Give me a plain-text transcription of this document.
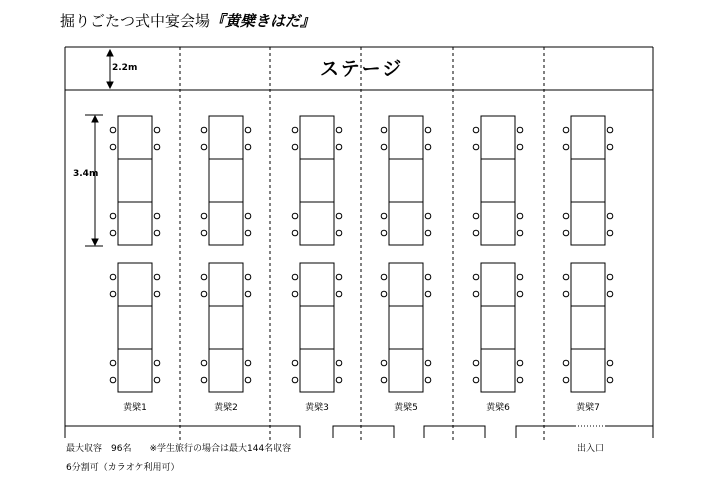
掘りごたつ式中宴会場『黄檗きはだ』
ステージ
2.2m
3.4m
黄檗1	黄檗2	黄檗3	黄檗5	黄檗6	黄檗7
最大収容　96名　　※学生旅行の場合は最大144名収容
6分割可（カラオケ利用可）
出入口
